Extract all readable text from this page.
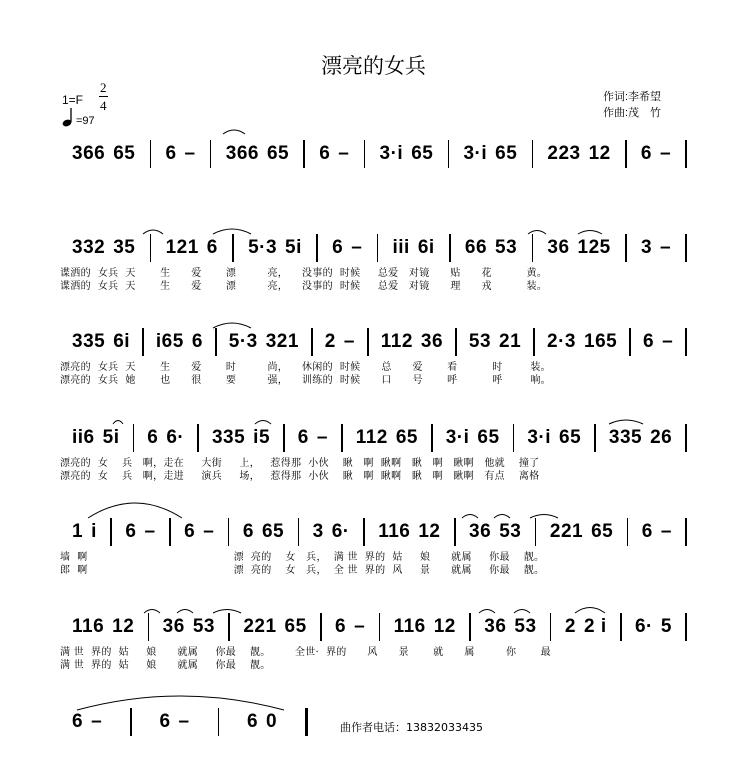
漂亮的女兵
作词:李希望
作曲:茂　竹
1=F
2
4
=97
366 65 6 – 366 65 6 – 3·i 65 3·i 65 223 12 6 –
332 35 121 6 5·3 5i 6 – iii 6i 66 53 36 125 3 –
谍洒的  女兵  天       生      爱       漂         亮，    没事的  时候     总爱   对镜      贴      花          黄。
谍洒的  女兵  天       生      爱       漂         亮，    没事的  时候     总爱   对镜      理      戎          装。
335 6i i65 6 5·3 321 2 – 112 36 53 21 2·3 165 6 –
漂亮的  女兵  天       生      爱       时         尚，    休闲的  时候      总      爱       看          时        装。
漂亮的  女兵  她       也      很       要         强，    训练的  时候      口      号       呼          呼        响。
ii6 5i 6 6· 335 i5 6 – 112 65 3·i 65 3·i 65 335 26
漂亮的  女    兵   啊，走在     大街     上，   惹得那  小伙    瞅   啊  瞅啊   瞅   啊   瞅啊   他就    撞了
漂亮的  女    兵   啊，走进     演兵     场，   惹得那  小伙    瞅   啊  瞅啊   瞅   啊   瞅啊   有点    离格
1 i 6 – 6 – 6 65 3 6· 116 12 36 53 221 65 6 –
墙  啊                                          漂  亮的    女   兵，  满 世  界的  姑     娘      就属     你最    靓。
郎  啊                                          漂  亮的    女   兵，  全 世  界的  风     景      就属     你最    靓。
116 12 36 53 221 65 6 – 116 12 36 53 2 2 i 6· 5
满 世  界的  姑     娘      就属     你最    靓。       全世·  界的      风      景       就      属         你       最
满 世  界的  姑     娘      就属     你最    靓。
6 –	6 –	6 0	曲作者电话：13832033435
